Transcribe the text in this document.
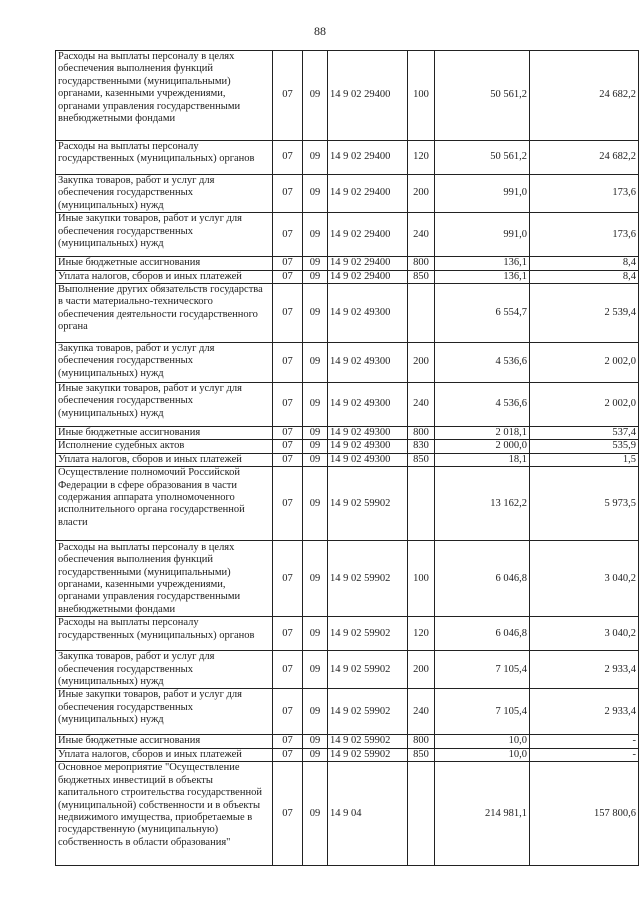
88
Расходы на выплаты персоналу в целях обеспечения выполнения функций государственными (муниципальными) органами, казенными учреждениями, органами управления государственными внебюджетными фондами	07	09	14 9 02 29400	100	50 561,2	24 682,2
Расходы на выплаты персоналу государственных (муниципальных) органов	07	09	14 9 02 29400	120	50 561,2	24 682,2
Закупка товаров, работ и услуг для обеспечения государственных (муниципальных) нужд	07	09	14 9 02 29400	200	991,0	173,6
Иные закупки товаров, работ и услуг для обеспечения государственных (муниципальных) нужд	07	09	14 9 02 29400	240	991,0	173,6
Иные бюджетные ассигнования	07	09	14 9 02 29400	800	136,1	8,4
Уплата налогов, сборов и иных платежей	07	09	14 9 02 29400	850	136,1	8,4
Выполнение других обязательств государства в части материально-технического обеспечения деятельности государственного органа	07	09	14 9 02 49300		6 554,7	2 539,4
Закупка товаров, работ и услуг для обеспечения государственных (муниципальных) нужд	07	09	14 9 02 49300	200	4 536,6	2 002,0
Иные закупки товаров, работ и услуг для обеспечения государственных (муниципальных) нужд	07	09	14 9 02 49300	240	4 536,6	2 002,0
Иные бюджетные ассигнования	07	09	14 9 02 49300	800	2 018,1	537,4
Исполнение судебных актов	07	09	14 9 02 49300	830	2 000,0	535,9
Уплата налогов, сборов и иных платежей	07	09	14 9 02 49300	850	18,1	1,5
Осуществление полномочий Российской Федерации в сфере образования в части содержания аппарата уполномоченного исполнительного органа государственной власти	07	09	14 9 02 59902		13 162,2	5 973,5
Расходы на выплаты персоналу в целях обеспечения выполнения функций государственными (муниципальными) органами, казенными учреждениями, органами управления государственными внебюджетными фондами	07	09	14 9 02 59902	100	6 046,8	3 040,2
Расходы на выплаты персоналу государственных (муниципальных) органов	07	09	14 9 02 59902	120	6 046,8	3 040,2
Закупка товаров, работ и услуг для обеспечения государственных (муниципальных) нужд	07	09	14 9 02 59902	200	7 105,4	2 933,4
Иные закупки товаров, работ и услуг для обеспечения государственных (муниципальных) нужд	07	09	14 9 02 59902	240	7 105,4	2 933,4
Иные бюджетные ассигнования	07	09	14 9 02 59902	800	10,0	-
Уплата налогов, сборов и иных платежей	07	09	14 9 02 59902	850	10,0	-
Основное мероприятие "Осуществление бюджетных инвестиций в объекты капитального строительства государственной (муниципальной) собственности и в объекты недвижимого имущества, приобретаемые в государственную (муниципальную) собственность в области образования"	07	09	14 9 04		214 981,1	157 800,6
